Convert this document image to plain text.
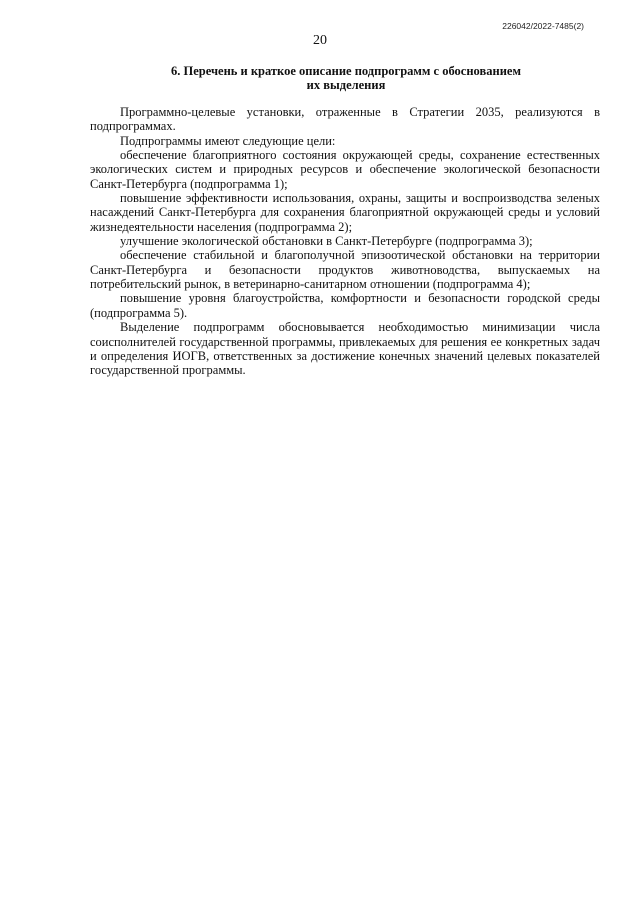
226042/2022-7485(2)
20
6. Перечень и краткое описание подпрограмм с обоснованием
их выделения

Программно-целевые установки, отраженные в Стратегии 2035, реализуются в подпрограммах.

Подпрограммы имеют следующие цели:

обеспечение благоприятного состояния окружающей среды, сохранение естественных экологических систем и природных ресурсов и обеспечение экологической безопасности Санкт-Петербурга (подпрограмма 1);

повышение эффективности использования, охраны, защиты и воспроизводства зеленых насаждений Санкт-Петербурга для сохранения благоприятной окружающей среды и условий жизнедеятельности населения (подпрограмма 2);

улучшение экологической обстановки в Санкт-Петербурге (подпрограмма 3);

обеспечение стабильной и благополучной эпизоотической обстановки на территории Санкт-Петербурга и безопасности продуктов животноводства, выпускаемых на потребительский рынок, в ветеринарно-санитарном отношении (подпрограмма 4);

повышение уровня благоустройства, комфортности и безопасности городской среды (подпрограмма 5).

Выделение подпрограмм обосновывается необходимостью минимизации числа соисполнителей государственной программы, привлекаемых для решения ее конкретных задач и определения ИОГВ, ответственных за достижение конечных значений целевых показателей государственной программы.
